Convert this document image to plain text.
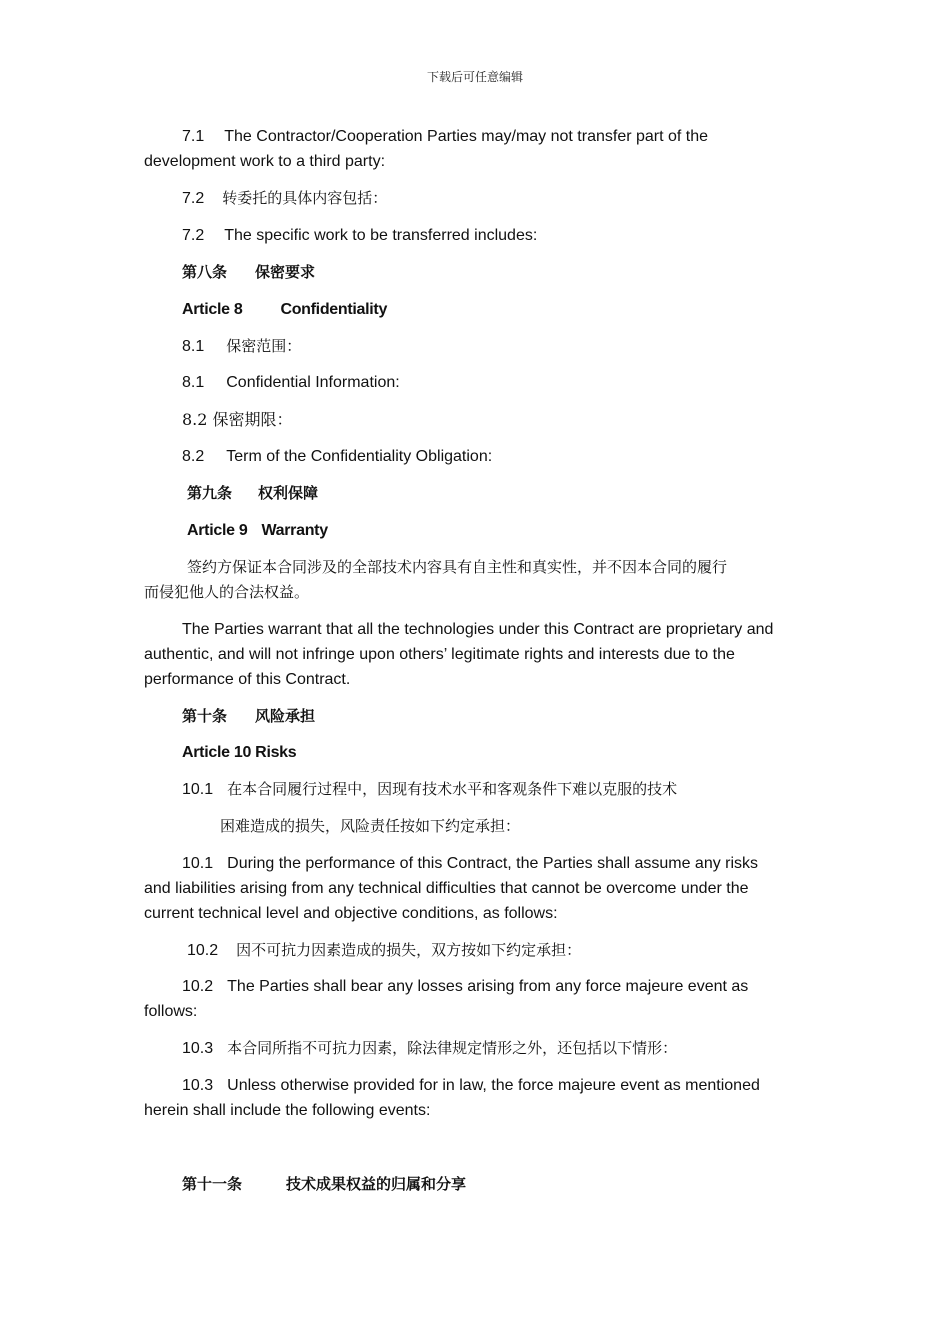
下载后可任意编辑
7.1 The Contractor/Cooperation Parties may/may not transfer part of the
development work to a third party:
7.2 转委托的具体内容包括：
7.2 The specific work to be transferred includes:
第八条 保密要求
Article 8 Confidentiality
8.1 保密范围：
8.1 Confidential Information:
8.2 保密期限：
8.2 Term of the Confidentiality Obligation:
第九条 权利保障
Article 9 Warranty
签约方保证本合同涉及的全部技术内容具有自主性和真实性，并不因本合同的履行
而侵犯他人的合法权益。
The Parties warrant that all the technologies under this Contract are proprietary and
authentic, and will not infringe upon others’ legitimate rights and interests due to the
performance of this Contract.
第十条 风险承担
Article 10 Risks
10.1 在本合同履行过程中，因现有技术水平和客观条件下难以克服的技术
困难造成的损失，风险责任按如下约定承担：
10.1 During the performance of this Contract, the Parties shall assume any risks
and liabilities arising from any technical difficulties that cannot be overcome under the
current technical level and objective conditions, as follows:
10.2 因不可抗力因素造成的损失，双方按如下约定承担：
10.2 The Parties shall bear any losses arising from any force majeure event as
follows:
10.3 本合同所指不可抗力因素，除法律规定情形之外，还包括以下情形：
10.3 Unless otherwise provided for in law, the force majeure event as mentioned
herein shall include the following events:
第十一条	技术成果权益的归属和分享
